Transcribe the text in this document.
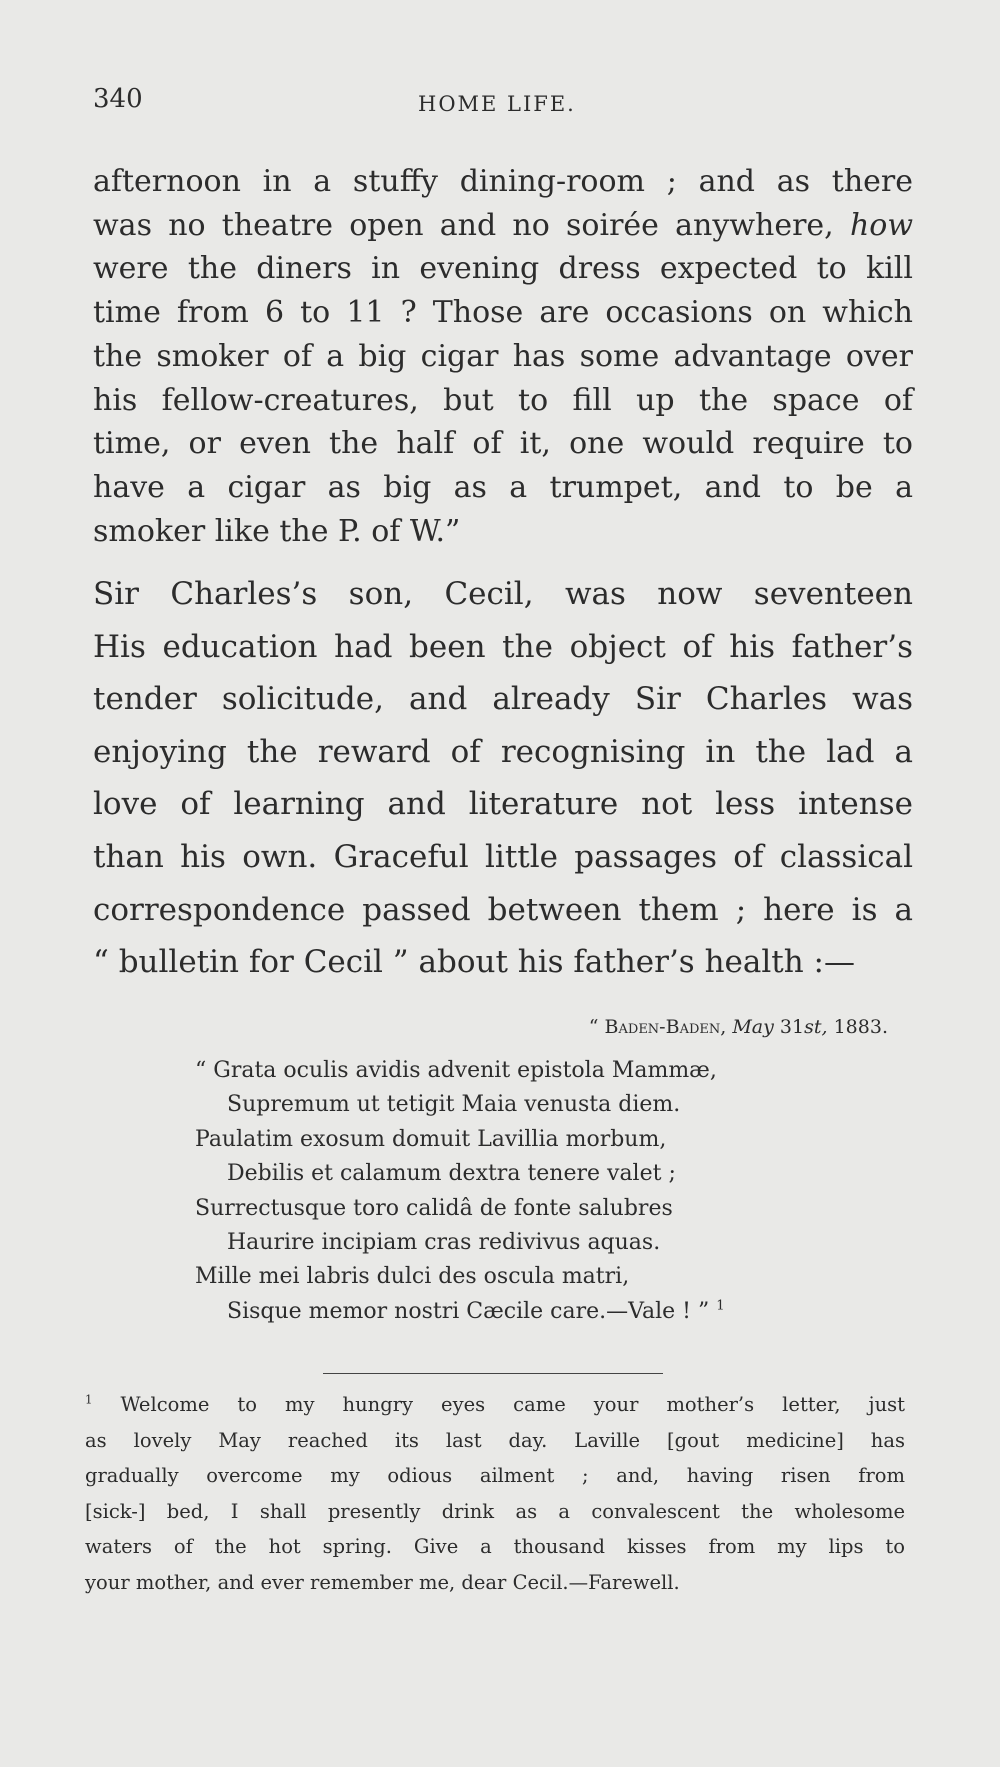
340	HOME LIFE.
afternoon in a stuffy dining-room ; and as there
was no theatre open and no soirée anywhere, how
were the diners in evening dress expected to kill
time from 6 to 11 ? Those are occasions on which
the smoker of a big cigar has some advantage over
his fellow-creatures, but to fill up the space of
time, or even the half of it, one would require to
have a cigar as big as a trumpet, and to be a
smoker like the P. of W.”
Sir Charles’s son, Cecil, was now seventeen
His education had been the object of his father’s
tender solicitude, and already Sir Charles was
enjoying the reward of recognising in the lad a
love of learning and literature not less intense
than his own. Graceful little passages of classical
correspondence passed between them ; here is a
“ bulletin for Cecil ” about his father’s health :—
“ Baden-Baden, May 31st, 1883.
“ Grata oculis avidis advenit epistola Mammæ,
Supremum ut tetigit Maia venusta diem.
Paulatim exosum domuit Lavillia morbum,
Debilis et calamum dextra tenere valet ;
Surrectusque toro calidâ de fonte salubres
Haurire incipiam cras redivivus aquas.
Mille mei labris dulci des oscula matri,
Sisque memor nostri Cæcile care.—Vale ! ” $^1$
$^1$ Welcome to my hungry eyes came your mother’s letter, just
as lovely May reached its last day. Laville [gout medicine] has
gradually overcome my odious ailment ; and, having risen from
[sick-] bed, I shall presently drink as a convalescent the wholesome
waters of the hot spring. Give a thousand kisses from my lips to
your mother, and ever remember me, dear Cecil.—Farewell.
